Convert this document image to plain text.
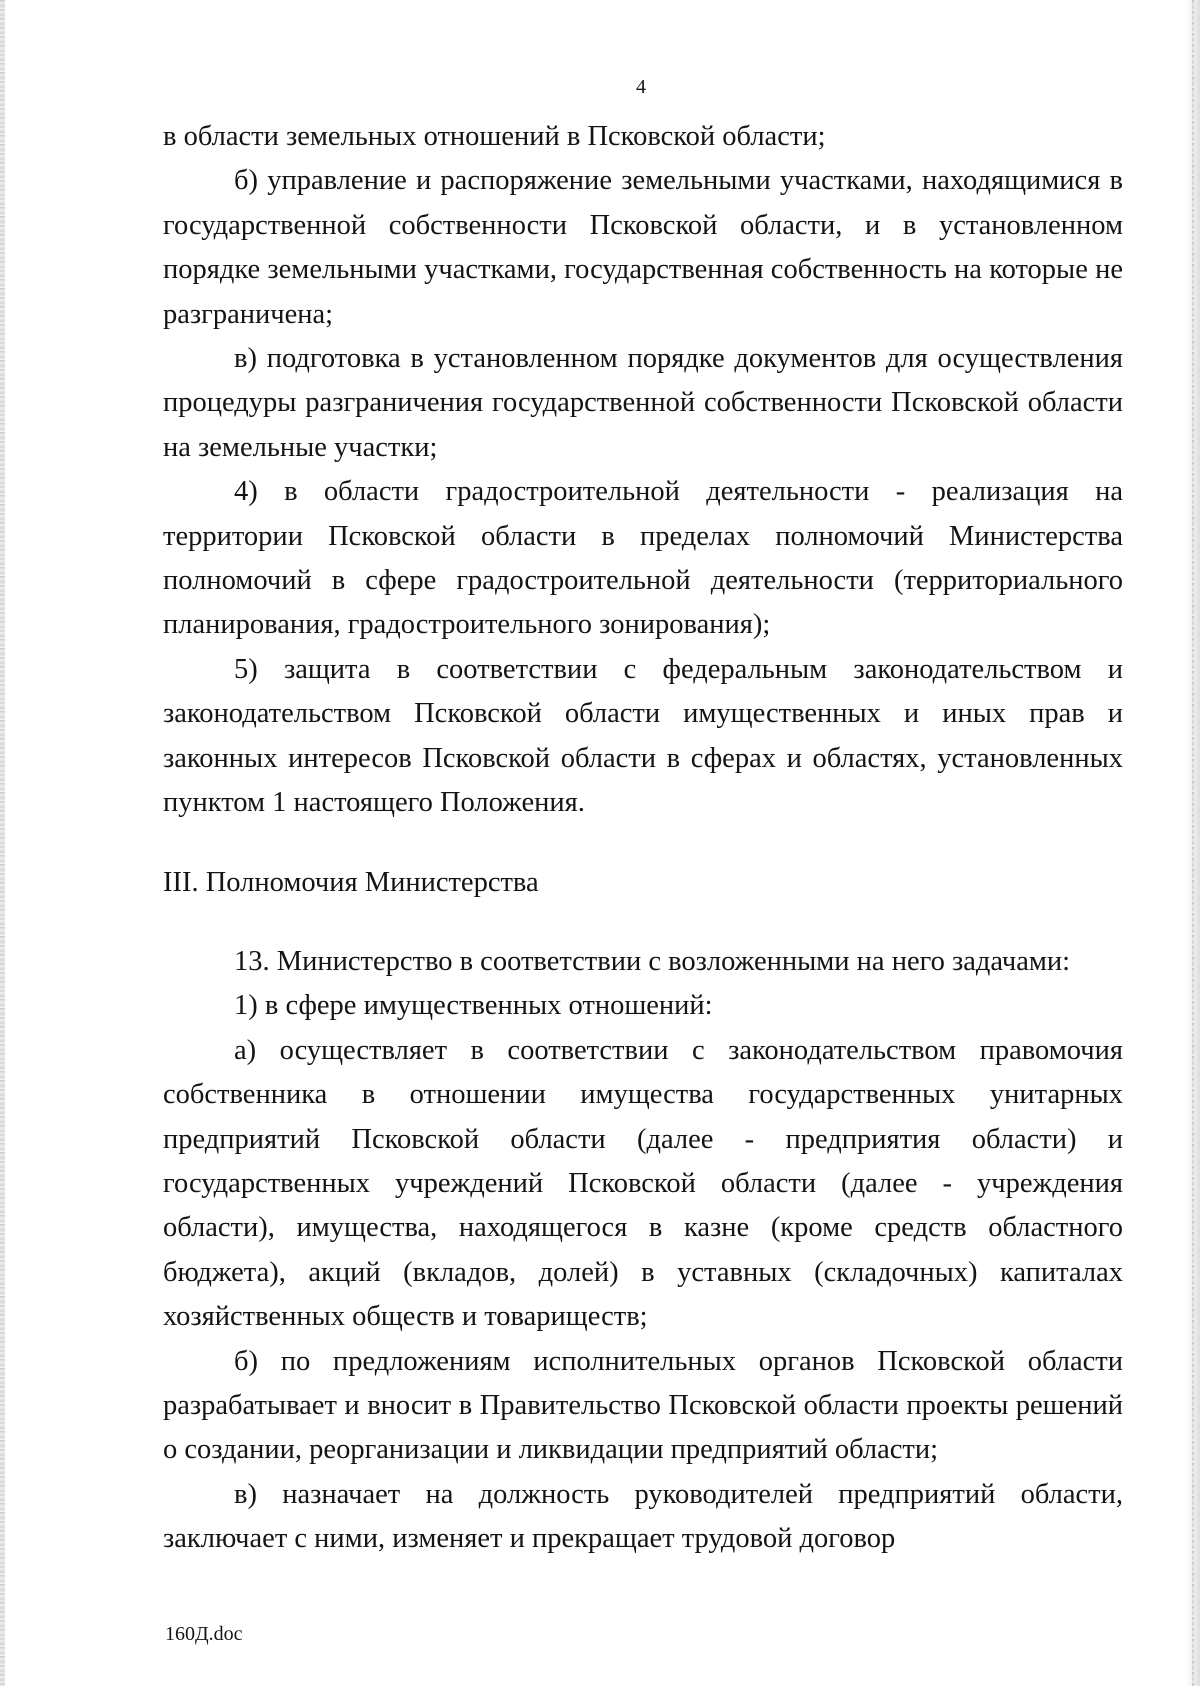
4

в области земельных отношений в Псковской области;

б) управление и распоряжение земельными участками, находящимися в государственной собственности Псковской области, и в установленном порядке земельными участками, государственная собственность на которые не разграничена;

в) подготовка в установленном порядке документов для осуществления процедуры разграничения государственной собственности Псковской области на земельные участки;

4) в области градостроительной деятельности - реализация на территории Псковской области в пределах полномочий Министерства полномочий в сфере градостроительной деятельности (территориального планирования, градостроительного зонирования);

5) защита в соответствии с федеральным законодательством и законодательством Псковской области имущественных и иных прав и законных интересов Псковской области в сферах и областях, установленных пунктом 1 настоящего Положения.

III. Полномочия Министерства

13. Министерство в соответствии с возложенными на него задачами:

1) в сфере имущественных отношений:

а) осуществляет в соответствии с законодательством правомочия собственника в отношении имущества государственных унитарных предприятий Псковской области (далее - предприятия области) и государственных учреждений Псковской области (далее - учреждения области), имущества, находящегося в казне (кроме средств областного бюджета), акций (вкладов, долей) в уставных (складочных) капиталах хозяйственных обществ и товариществ;

б) по предложениям исполнительных органов Псковской области разрабатывает и вносит в Правительство Псковской области проекты решений о создании, реорганизации и ликвидации предприятий области;

в) назначает на должность руководителей предприятий области, заключает с ними, изменяет и прекращает трудовой договор

160Д.doc
